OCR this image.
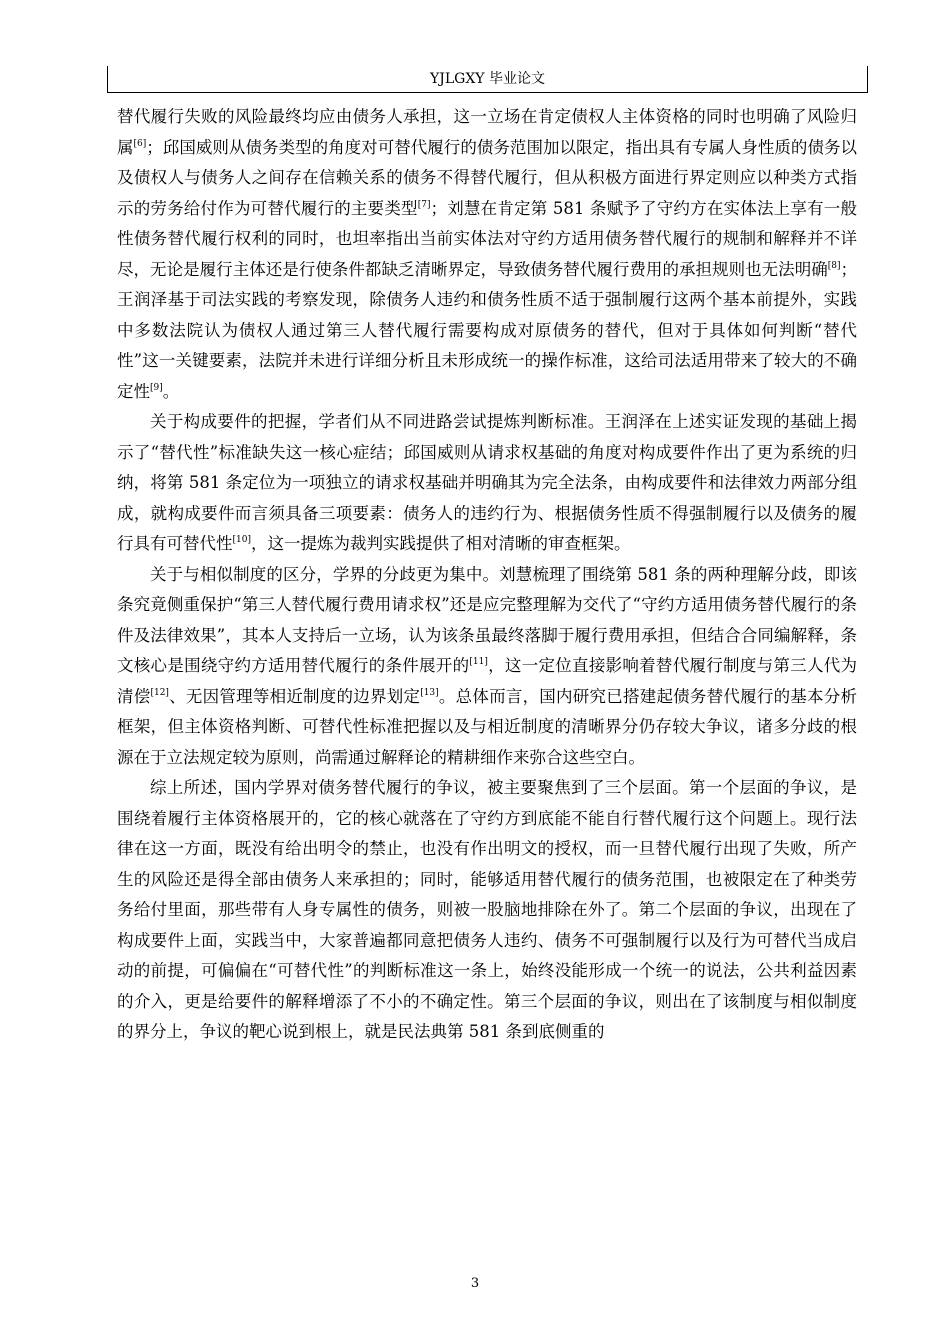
YJLGXY 毕业论文

替代履行失败的风险最终均应由债务人承担，这一立场在肯定债权人主体资格的同时也明确了风险归属[6]；邱国威则从债务类型的角度对可替代履行的债务范围加以限定，指出具有专属人身性质的债务以及债权人与债务人之间存在信赖关系的债务不得替代履行，但从积极方面进行界定则应以种类方式指示的劳务给付作为可替代履行的主要类型[7]；刘慧在肯定第 581 条赋予了守约方在实体法上享有一般性债务替代履行权利的同时，也坦率指出当前实体法对守约方适用债务替代履行的规制和解释并不详尽，无论是履行主体还是行使条件都缺乏清晰界定，导致债务替代履行费用的承担规则也无法明确[8]；王润泽基于司法实践的考察发现，除债务人违约和债务性质不适于强制履行这两个基本前提外，实践中多数法院认为债权人通过第三人替代履行需要构成对原债务的替代，但对于具体如何判断“替代性”这一关键要素，法院并未进行详细分析且未形成统一的操作标准，这给司法适用带来了较大的不确定性[9]。

关于构成要件的把握，学者们从不同进路尝试提炼判断标准。王润泽在上述实证发现的基础上揭示了“替代性”标准缺失这一核心症结；邱国威则从请求权基础的角度对构成要件作出了更为系统的归纳，将第 581 条定位为一项独立的请求权基础并明确其为完全法条，由构成要件和法律效力两部分组成，就构成要件而言须具备三项要素：债务人的违约行为、根据债务性质不得强制履行以及债务的履行具有可替代性[10]，这一提炼为裁判实践提供了相对清晰的审查框架。

关于与相似制度的区分，学界的分歧更为集中。刘慧梳理了围绕第 581 条的两种理解分歧，即该条究竟侧重保护“第三人替代履行费用请求权”还是应完整理解为交代了“守约方适用债务替代履行的条件及法律效果”，其本人支持后一立场，认为该条虽最终落脚于履行费用承担，但结合合同编解释，条文核心是围绕守约方适用替代履行的条件展开的[11]，这一定位直接影响着替代履行制度与第三人代为清偿[12]、无因管理等相近制度的边界划定[13]。总体而言，国内研究已搭建起债务替代履行的基本分析框架，但主体资格判断、可替代性标准把握以及与相近制度的清晰界分仍存较大争议，诸多分歧的根源在于立法规定较为原则，尚需通过解释论的精耕细作来弥合这些空白。

综上所述，国内学界对债务替代履行的争议，被主要聚焦到了三个层面。第一个层面的争议，是围绕着履行主体资格展开的，它的核心就落在了守约方到底能不能自行替代履行这个问题上。现行法律在这一方面，既没有给出明令的禁止，也没有作出明文的授权，而一旦替代履行出现了失败，所产生的风险还是得全部由债务人来承担的；同时，能够适用替代履行的债务范围，也被限定在了种类劳务给付里面，那些带有人身专属性的债务，则被一股脑地排除在外了。第二个层面的争议，出现在了构成要件上面，实践当中，大家普遍都同意把债务人违约、债务不可强制履行以及行为可替代当成启动的前提，可偏偏在“可替代性”的判断标准这一条上，始终没能形成一个统一的说法，公共利益因素的介入，更是给要件的解释增添了不小的不确定性。第三个层面的争议，则出在了该制度与相似制度的界分上，争议的靶心说到根上，就是民法典第 581 条到底侧重的

3
